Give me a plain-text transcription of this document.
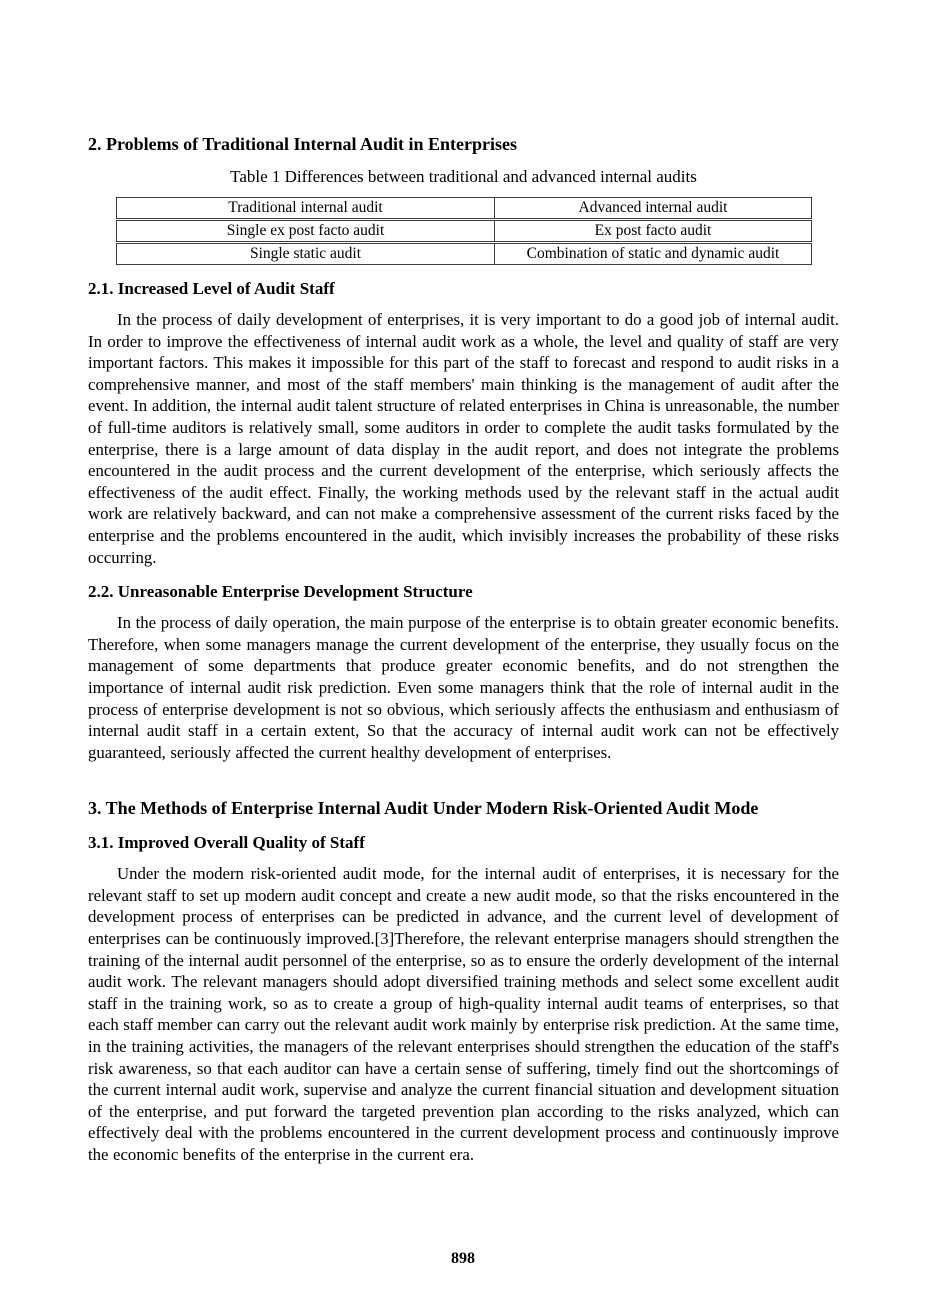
2. Problems of Traditional Internal Audit in Enterprises
Table 1 Differences between traditional and advanced internal audits
Traditional internal audit	Advanced internal audit
Single ex post facto audit	Ex post facto audit
Single static audit	Combination of static and dynamic audit
2.1. Increased Level of Audit Staff

In the process of daily development of enterprises, it is very important to do a good job of internal audit. In order to improve the effectiveness of internal audit work as a whole, the level and quality of staff are very important factors. This makes it impossible for this part of the staff to forecast and respond to audit risks in a comprehensive manner, and most of the staff members' main thinking is the management of audit after the event. In addition, the internal audit talent structure of related enterprises in China is unreasonable, the number of full-time auditors is relatively small, some auditors in order to complete the audit tasks formulated by the enterprise, there is a large amount of data display in the audit report, and does not integrate the problems encountered in the audit process and the current development of the enterprise, which seriously affects the effectiveness of the audit effect. Finally, the working methods used by the relevant staff in the actual audit work are relatively backward, and can not make a comprehensive assessment of the current risks faced by the enterprise and the problems encountered in the audit, which invisibly increases the probability of these risks occurring.

2.2. Unreasonable Enterprise Development Structure

In the process of daily operation, the main purpose of the enterprise is to obtain greater economic benefits. Therefore, when some managers manage the current development of the enterprise, they usually focus on the management of some departments that produce greater economic benefits, and do not strengthen the importance of internal audit risk prediction. Even some managers think that the role of internal audit in the process of enterprise development is not so obvious, which seriously affects the enthusiasm and enthusiasm of internal audit staff in a certain extent, So that the accuracy of internal audit work can not be effectively guaranteed, seriously affected the current healthy development of enterprises.

3. The Methods of Enterprise Internal Audit Under Modern Risk-Oriented Audit Mode
3.1. Improved Overall Quality of Staff

Under the modern risk-oriented audit mode, for the internal audit of enterprises, it is necessary for the relevant staff to set up modern audit concept and create a new audit mode, so that the risks encountered in the development process of enterprises can be predicted in advance, and the current level of development of enterprises can be continuously improved.[3]Therefore, the relevant enterprise managers should strengthen the training of the internal audit personnel of the enterprise, so as to ensure the orderly development of the internal audit work. The relevant managers should adopt diversified training methods and select some excellent audit staff in the training work, so as to create a group of high-quality internal audit teams of enterprises, so that each staff member can carry out the relevant audit work mainly by enterprise risk prediction. At the same time, in the training activities, the managers of the relevant enterprises should strengthen the education of the staff's risk awareness, so that each auditor can have a certain sense of suffering, timely find out the shortcomings of the current internal audit work, supervise and analyze the current financial situation and development situation of the enterprise, and put forward the targeted prevention plan according to the risks analyzed, which can effectively deal with the problems encountered in the current development process and continuously improve the economic benefits of the enterprise in the current era.

898
